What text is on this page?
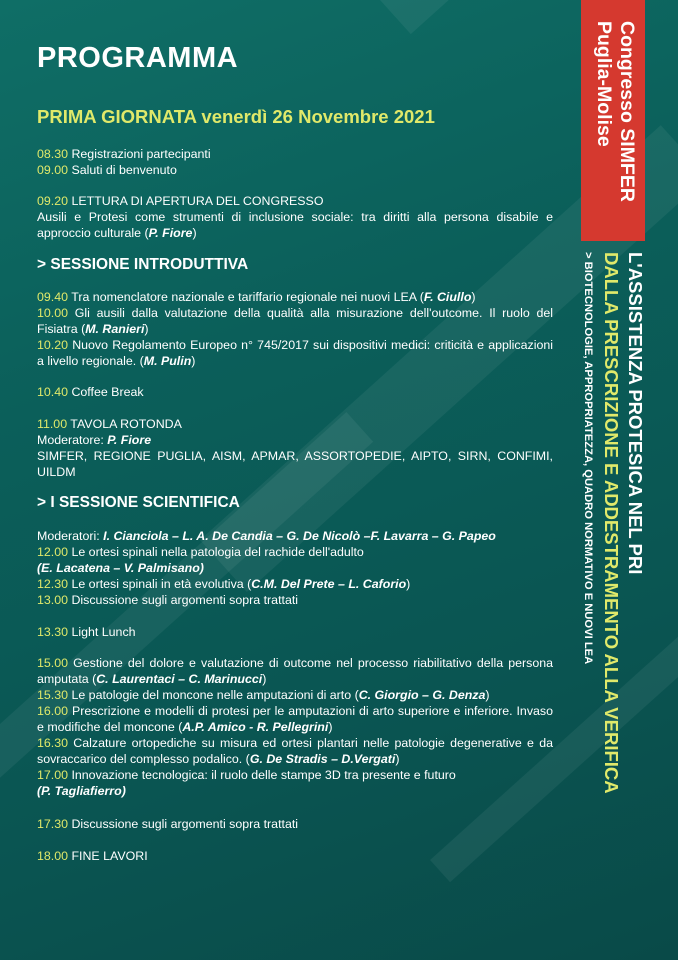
PROGRAMMA
PRIMA GIORNATA venerdì 26 Novembre 2021

08.30 Registrazioni partecipanti

09.00 Saluti di benvenuto

09.20 LETTURA DI APERTURA DEL CONGRESSO

Ausili e Protesi come strumenti di inclusione sociale: tra diritti alla persona disabile e approccio culturale (P. Fiore)

> SESSIONE INTRODUTTIVA

09.40 Tra nomenclatore nazionale e tariffario regionale nei nuovi LEA (F. Ciullo)

10.00 Gli ausili dalla valutazione della qualità alla misurazione dell'outcome. Il ruolo del Fisiatra (M. Ranieri)

10.20 Nuovo Regolamento Europeo n° 745/2017 sui dispositivi medici: criticità e applicazioni a livello regionale. (M. Pulin)

10.40 Coffee Break

11.00 TAVOLA ROTONDA

Moderatore: P. Fiore

SIMFER, REGIONE PUGLIA, AISM, APMAR, ASSORTOPEDIE, AIPTO, SIRN, CONFIMI, UILDM

> I SESSIONE SCIENTIFICA

Moderatori: I. Cianciola – L. A. De Candia – G. De Nicolò –F. Lavarra – G. Papeo

12.00 Le ortesi spinali nella patologia del rachide dell'adulto

(E. Lacatena – V. Palmisano)

12.30 Le ortesi spinali in età evolutiva (C.M. Del Prete – L. Caforio)

13.00 Discussione sugli argomenti sopra trattati

13.30 Light Lunch

15.00 Gestione del dolore e valutazione di outcome nel processo riabilitativo della persona amputata (C. Laurentaci – C. Marinucci)

15.30 Le patologie del moncone nelle amputazioni di arto (C. Giorgio – G. Denza)

16.00 Prescrizione e modelli di protesi per le amputazioni di arto superiore e inferiore. Invaso e modifiche del moncone (A.P. Amico - R. Pellegrini)

16.30 Calzature ortopediche su misura ed ortesi plantari nelle patologie degenerative e da sovraccarico del complesso podalico. (G. De Stradis – D.Vergati)

17.00 Innovazione tecnologica: il ruolo delle stampe 3D tra presente e futuro

(P. Tagliafierro)

17.30 Discussione sugli argomenti sopra trattati

18.00 FINE LAVORI

Congresso SIMFER
Puglia-Molise
L'ASSISTENZA PROTESICA NEL PRI
DALLA PRESCRIZIONE E ADDESTRAMENTO ALLA VERIFICA
> BIOTECNOLOGIE, APPROPRIATEZZA, QUADRO NORMATIVO E NUOVI LEA
